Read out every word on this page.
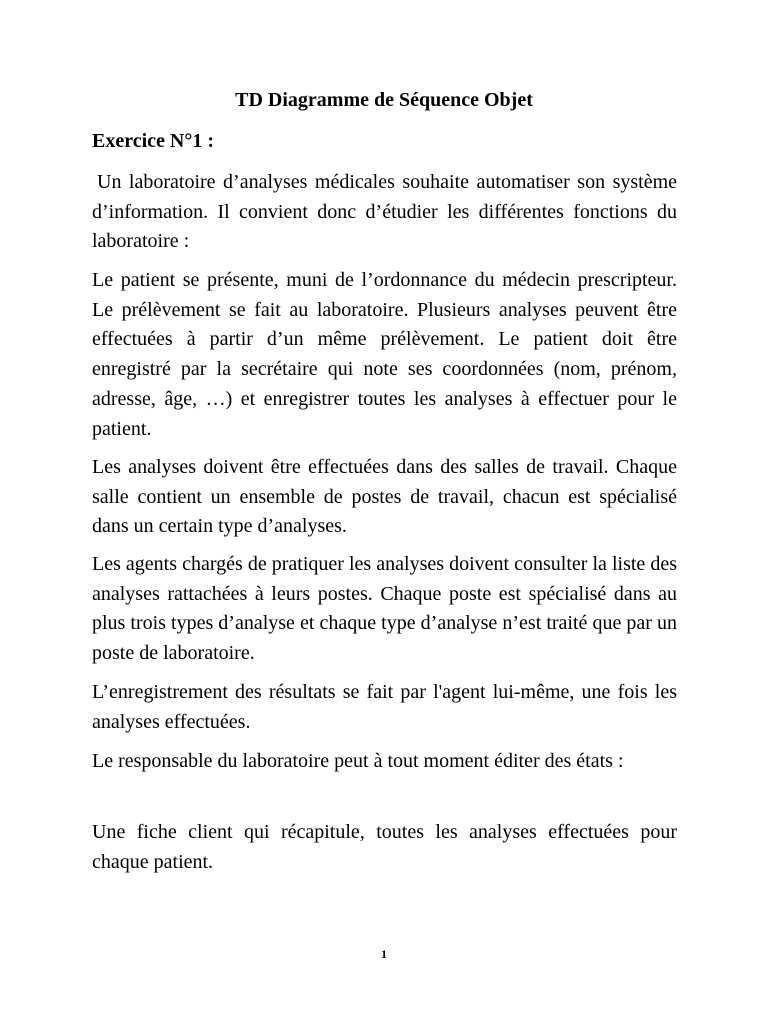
TD Diagramme de Séquence Objet
Exercice N°1 :

Un laboratoire d’analyses médicales souhaite automatiser son système d’information. Il convient donc d’étudier les différentes fonctions du laboratoire :

Le patient se présente, muni de l’ordonnance du médecin prescripteur. Le prélèvement se fait au laboratoire. Plusieurs analyses peuvent être effectuées à partir d’un même prélèvement. Le patient doit être enregistré par la secrétaire qui note ses coordonnées (nom, prénom, adresse, âge, …) et enregistrer toutes les analyses à effectuer pour le patient.

Les analyses doivent être effectuées dans des salles de travail. Chaque salle contient un ensemble de postes de travail, chacun est spécialisé dans un certain type d’analyses.

Les agents chargés de pratiquer les analyses doivent consulter la liste des analyses rattachées à leurs postes. Chaque poste est spécialisé dans au plus trois types d’analyse et chaque type d’analyse n’est traité que par un poste de laboratoire.

L’enregistrement des résultats se fait par l'agent lui-même, une fois les analyses effectuées.

Le responsable du laboratoire peut à tout moment éditer des états :

Une fiche client qui récapitule, toutes les analyses effectuées pour chaque patient.

1
